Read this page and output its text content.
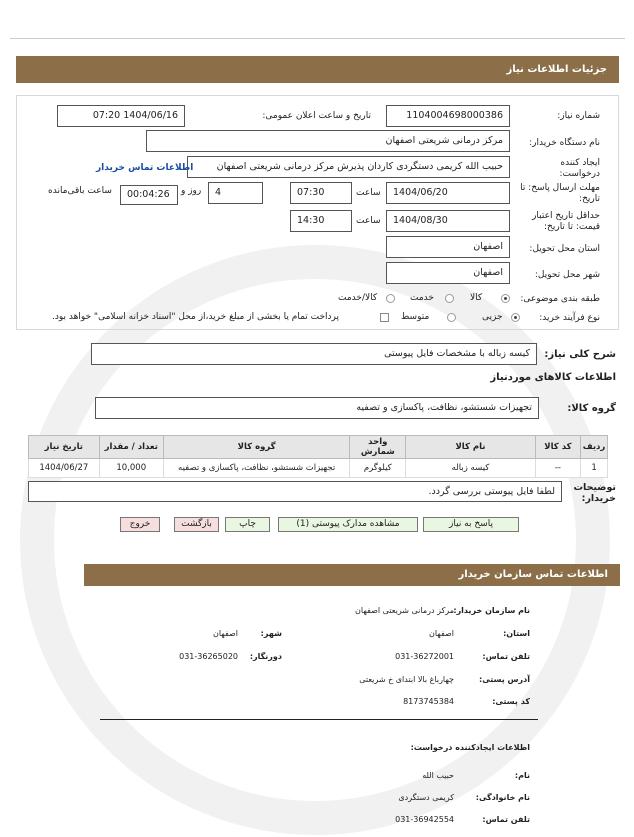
جزئیات اطلاعات نیاز
شماره نیاز:
1104004698000386
تاریخ و ساعت اعلان عمومی:
1404/06/16 07:20
نام دستگاه خریدار:
مرکز درمانی شریعتی اصفهان
ایجاد کننده درخواست:
حبیب الله کریمی دستگردی کاردان پذیرش مرکز درمانی شریعتی اصفهان
اطلاعات تماس خریدار
مهلت ارسال پاسخ: تا تاریخ:
1404/06/20
ساعت
07:30
4
روز و
00:04:26
ساعت باقی‌مانده
حداقل تاریخ اعتبار قیمت: تا تاریخ:
1404/08/30
ساعت
14:30
استان محل تحویل:
اصفهان
شهر محل تحویل:
اصفهان
طبقه بندی موضوعی:
کالا
خدمت
کالا/خدمت
نوع فرآیند خرید:
جزیی
متوسط
پرداخت تمام یا بخشی از مبلغ خرید،از محل "اسناد خزانه اسلامی" خواهد بود.
شرح کلی نیاز:
کیسه زباله با مشخصات فایل پیوستی
اطلاعات کالاهای موردنیاز
گروه کالا:
تجهیزات شستشو، نظافت، پاکسازی و تصفیه
ردیف	کد کالا	نام کالا	واحد شمارش	گروه کالا	تعداد / مقدار	تاریخ نیاز
1	--	کیسه زباله	کیلوگرم	تجهیزات شستشو، نظافت، پاکسازی و تصفیه	10,000	1404/06/27
توضیحات خریدار:
لطفا فایل پیوستی بررسی گردد.
پاسخ به نیاز
مشاهده مدارک پیوستی (1)
چاپ
بازگشت
خروج
اطلاعات تماس سازمان خریدار
نام سازمان خریدار:
مرکز درمانی شریعتی اصفهان
استان:
اصفهان
شهر:
اصفهان
تلفن تماس:
031-36272001
دورنگار:
031-36265020
آدرس پستی:
چهارباغ بالا ابتدای خ شریعتی
کد پستی:
8173745384
اطلاعات ایجادکننده درخواست:
نام:
حبیب الله
نام خانوادگی:
کریمی دستگردی
تلفن تماس:
031-36942554
